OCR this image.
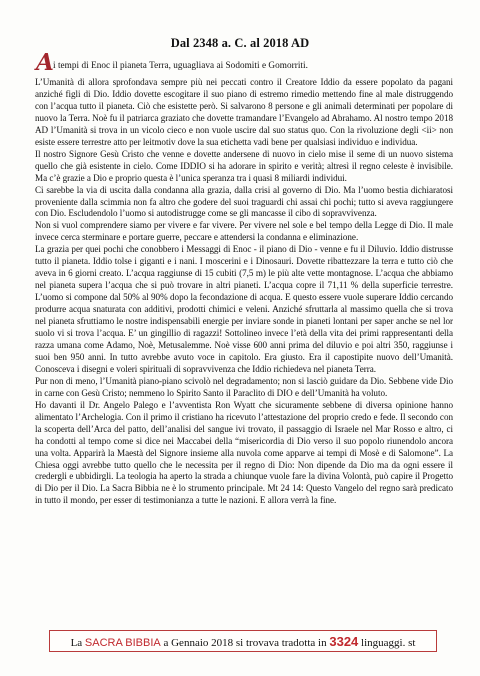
Dal 2348 a. C. al 2018 AD
A i tempi di Enoc il pianeta Terra, uguagliava ai Sodomiti e Gomorriti.

L’Umanità di allora sprofondava sempre più nei peccati contro il Creatore Iddio da essere popolato da pagani anziché figli di Dio. Iddio dovette escogitare il suo piano di estremo rimedio mettendo fine al male distruggendo con l’acqua tutto il pianeta. Ciò che esistette però. Si salvarono 8 persone e gli animali determinati per popolare di nuovo la Terra. Noè fu il patriarca graziato che dovette tramandare l’Evangelo ad Abrahamo. Al nostro tempo 2018 AD l’Umanità si trova in un vicolo cieco e non vuole uscire dal suo status quo. Con la rivoluzione degli <ii> non esiste essere terrestre atto per leitmotiv dove la sua etichetta vadi bene per qualsiasi individuo e individua.

Il nostro Signore Gesù Cristo che venne e dovette andersene di nuovo in cielo mise il seme di un nuovo sistema quello che già esistente in cielo. Come IDDIO si ha adorare in spirito e verità; altresì il regno celeste è invisibile. Ma c’è grazie a Dio e proprio questa è l’unica speranza tra i quasi 8 miliardi individui.

Ci sarebbe la via di uscita dalla condanna alla grazia, dalla crisi al governo di Dio. Ma l’uomo bestia dichiaratosi proveniente dalla scimmia non fa altro che godere del suoi traguardi chi assai chi pochi; tutto si aveva raggiungere con Dio. Escludendolo l’uomo si autodistrugge come se gli mancasse il cibo di sopravvivenza.

Non si vuol comprendere siamo per vivere e far vivere. Per vivere nel sole e bel tempo della Legge di Dio. Il male invece cerca sterminare e portare guerre, peccare e attendersi la condanna e eliminazione.

La grazia per quei pochi che conobbero i Messaggi di Enoc - il piano di Dio - venne e fu il Diluvio. Iddio distrusse tutto il pianeta. Iddio tolse i giganti e i nani. I moscerini e i Dinosauri. Dovette ribattezzare la terra e tutto ciò che aveva in 6 giorni creato. L’acqua raggiunse di 15 cubiti (7,5 m) le più alte vette montagnose. L’acqua che abbiamo nel pianeta supera l’acqua che si può trovare in altri pianeti. L’acqua copre il 71,11 % della superficie terrestre. L’uomo si compone dal 50% al 90% dopo la fecondazione di acqua. E questo essere vuole superare Iddio cercando produrre acqua snaturata con additivi, prodotti chimici e veleni. Anziché sfruttarla al massimo quella che si trova nel pianeta sfruttiamo le nostre indispensabili energie per inviare sonde in pianeti lontani per saper anche se nel lor suolo vi si trova l’acqua. E’ un gingillio di ragazzi! Sottolineo invece l’età della vita dei primi rappresentanti della razza umana come Adamo, Noè, Metusalemme. Noè visse 600 anni prima del diluvio e poi altri 350, raggiunse i suoi ben 950 anni. In tutto avrebbe avuto voce in capitolo. Era giusto. Era il capostipite nuovo dell’Umanità. Conosceva i disegni e voleri spirituali di sopravvivenza che Iddio richiedeva nel pianeta Terra.

Pur non di meno, l’Umanità piano-piano scivolò nel degradamento; non si lasciò guidare da Dio. Sebbene vide Dio in carne con Gesù Cristo; nemmeno lo Spirito Santo il Paraclito di DIO e dell’Umanità ha voluto.

Ho davanti il Dr. Angelo Palego e l’avventista Ron Wyatt che sicuramente sebbene di diversa opinione hanno alimentato l’Archelogia. Con il primo il cristiano ha ricevuto l’attestazione del proprio credo e fede. Il secondo con la scoperta dell’Arca del patto, dell’analisi del sangue ivi trovato, il passaggio di Israele nel Mar Rosso e altro, ci ha condotti al tempo come si dice nei Maccabei della “misericordia di Dio verso il suo popolo riunendolo ancora una volta. Apparirà la Maestà del Signore insieme alla nuvola come apparve ai tempi di Mosè e di Salomone”. La Chiesa oggi avrebbe tutto quello che le necessita per il regno di Dio: Non dipende da Dio ma da ogni essere il credergli e ubbidirgli. La teologia ha aperto la strada a chiunque vuole fare la divina Volontà, può capire il Progetto di Dio per il Dio. La Sacra Bibbia ne è lo strumento principale. Mt 24 14: Questo Vangelo del regno sarà predicato in tutto il mondo, per esser di testimonianza a tutte le nazioni. E allora verrà la fine.

La SACRA BIBBIA a Gennaio 2018 si trovava tradotta in 3324 linguaggi. st
